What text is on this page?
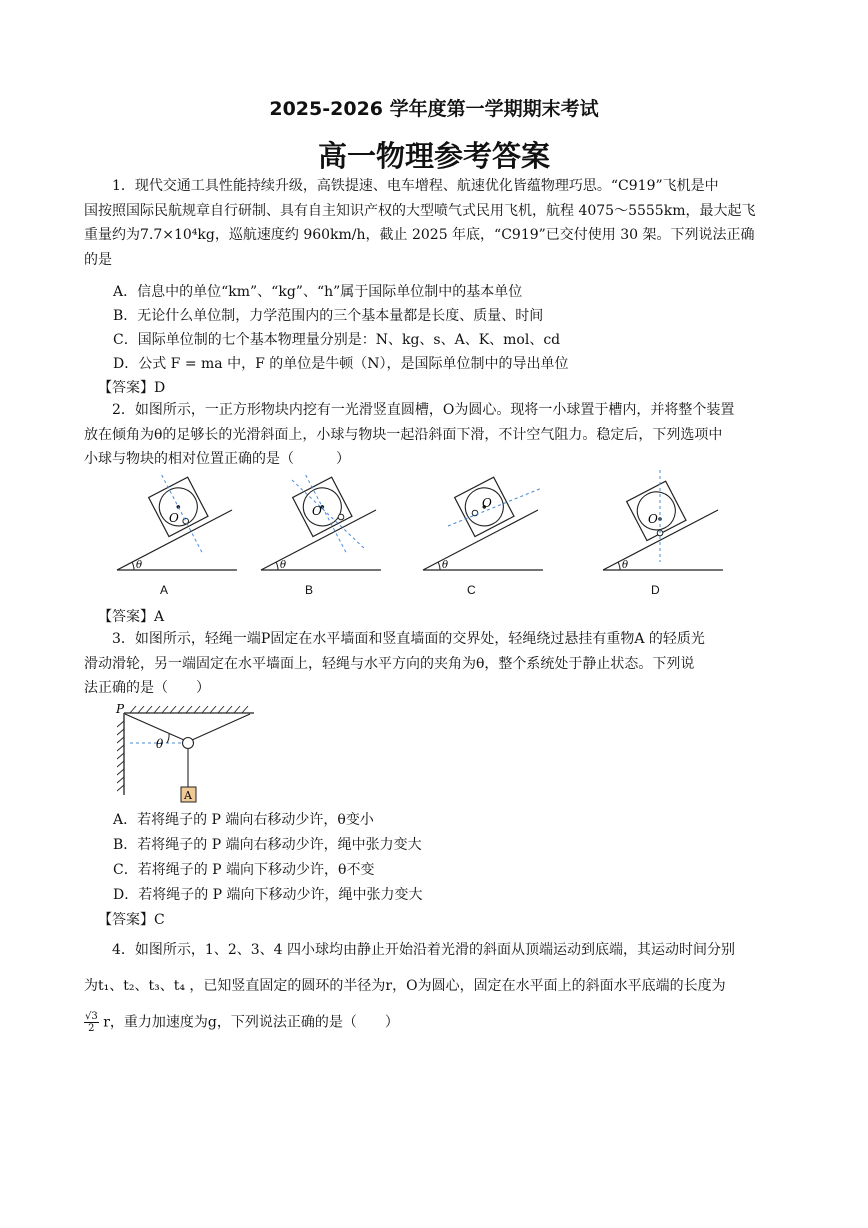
2025-2026 学年度第一学期期末考试
高一物理参考答案
1．现代交通工具性能持续升级，高铁提速、电车增程、航速优化皆蕴物理巧思。“C919”飞机是中
国按照国际民航规章自行研制、具有自主知识产权的大型喷气式民用飞机，航程 4075～5555km，最大起飞
重量约为7.7×10⁴kg，巡航速度约 960km/h，截止 2025 年底，“C919”已交付使用 30 架。下列说法正确
的是
A．信息中的单位“km”、“kg”、“h”属于国际单位制中的基本单位
B．无论什么单位制，力学范围内的三个基本量都是长度、质量、时间
C．国际单位制的七个基本物理量分别是：N、kg、s、A、K、mol、cd
D．公式 F = ma 中，F 的单位是牛顿（N），是国际单位制中的导出单位
【答案】D
2．如图所示，一正方形物块内挖有一光滑竖直圆槽，O为圆心。现将一小球置于槽内，并将整个装置
放在倾角为θ的足够长的光滑斜面上，小球与物块一起沿斜面下滑，不计空气阻力。稳定后，下列选项中
小球与物块的相对位置正确的是（　　　）
θ
O
θ
O
θ
O
θ
O
A	B	C	D
【答案】A
3．如图所示，轻绳一端P固定在水平墙面和竖直墙面的交界处，轻绳绕过悬挂有重物A 的轻质光
滑动滑轮，另一端固定在水平墙面上，轻绳与水平方向的夹角为θ，整个系统处于静止状态。下列说
法正确的是（　　）
P
θ
A
A．若将绳子的 P 端向右移动少许，θ变小
B．若将绳子的 P 端向右移动少许，绳中张力变大
C．若将绳子的 P 端向下移动少许，θ不变
D．若将绳子的 P 端向下移动少许，绳中张力变大
【答案】C
4．如图所示，1、2、3、4 四小球均由静止开始沿着光滑的斜面从顶端运动到底端，其运动时间分别
为t₁、t₂、t₃、t₄ ，已知竖直固定的圆环的半径为r，O为圆心，固定在水平面上的斜面水平底端的长度为
$\frac{√3}{2}$ r，重力加速度为g，下列说法正确的是（　　）
